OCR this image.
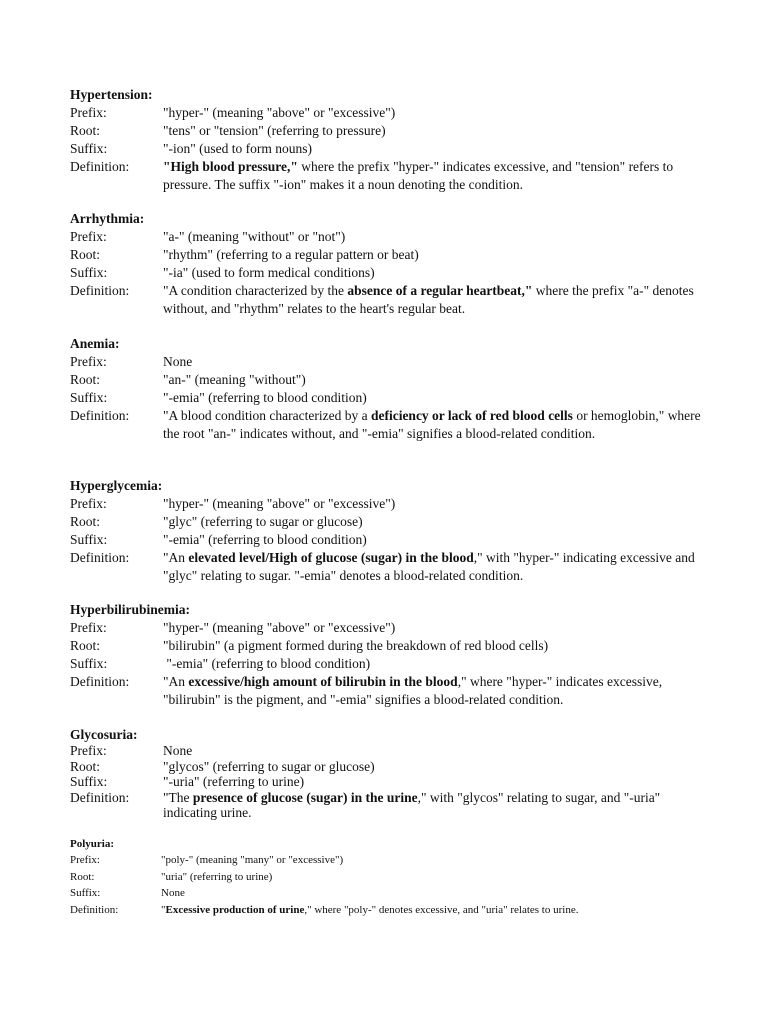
Hypertension:
Prefix:	"hyper-" (meaning "above" or "excessive")
Root:	"tens" or "tension" (referring to pressure)
Suffix:	"-ion" (used to form nouns)
Definition:	"High blood pressure," where the prefix "hyper-" indicates excessive, and "tension" refers to pressure. The suffix "-ion" makes it a noun denoting the condition.
Arrhythmia:
Prefix:	"a-" (meaning "without" or "not")
Root:	"rhythm" (referring to a regular pattern or beat)
Suffix:	"-ia" (used to form medical conditions)
Definition:	"A condition characterized by the absence of a regular heartbeat," where the prefix "a-" denotes without, and "rhythm" relates to the heart's regular beat.
Anemia:
Prefix:	None
Root:	"an-" (meaning "without")
Suffix:	"-emia" (referring to blood condition)
Definition:	"A blood condition characterized by a deficiency or lack of red blood cells or hemoglobin," where the root "an-" indicates without, and "-emia" signifies a blood-related condition.
Hyperglycemia:
Prefix:	"hyper-" (meaning "above" or "excessive")
Root:	"glyc" (referring to sugar or glucose)
Suffix:	"-emia" (referring to blood condition)
Definition:	"An elevated level/High of glucose (sugar) in the blood," with "hyper-" indicating excessive and "glyc" relating to sugar. "-emia" denotes a blood-related condition.
Hyperbilirubinemia:
Prefix:	"hyper-" (meaning "above" or "excessive")
Root:	"bilirubin" (a pigment formed during the breakdown of red blood cells)
Suffix:	"-emia" (referring to blood condition)
Definition:	"An excessive/high amount of bilirubin in the blood," where "hyper-" indicates excessive, "bilirubin" is the pigment, and "-emia" signifies a blood-related condition.
Glycosuria:
Prefix:	None
Root:	"glycos" (referring to sugar or glucose)
Suffix:	"-uria" (referring to urine)
Definition:	"The presence of glucose (sugar) in the urine," with "glycos" relating to sugar, and "-uria" indicating urine.
Polyuria:
Prefix:	"poly-" (meaning "many" or "excessive")
Root:	"uria" (referring to urine)
Suffix:	None
Definition:	"Excessive production of urine," where "poly-" denotes excessive, and "uria" relates to urine.
